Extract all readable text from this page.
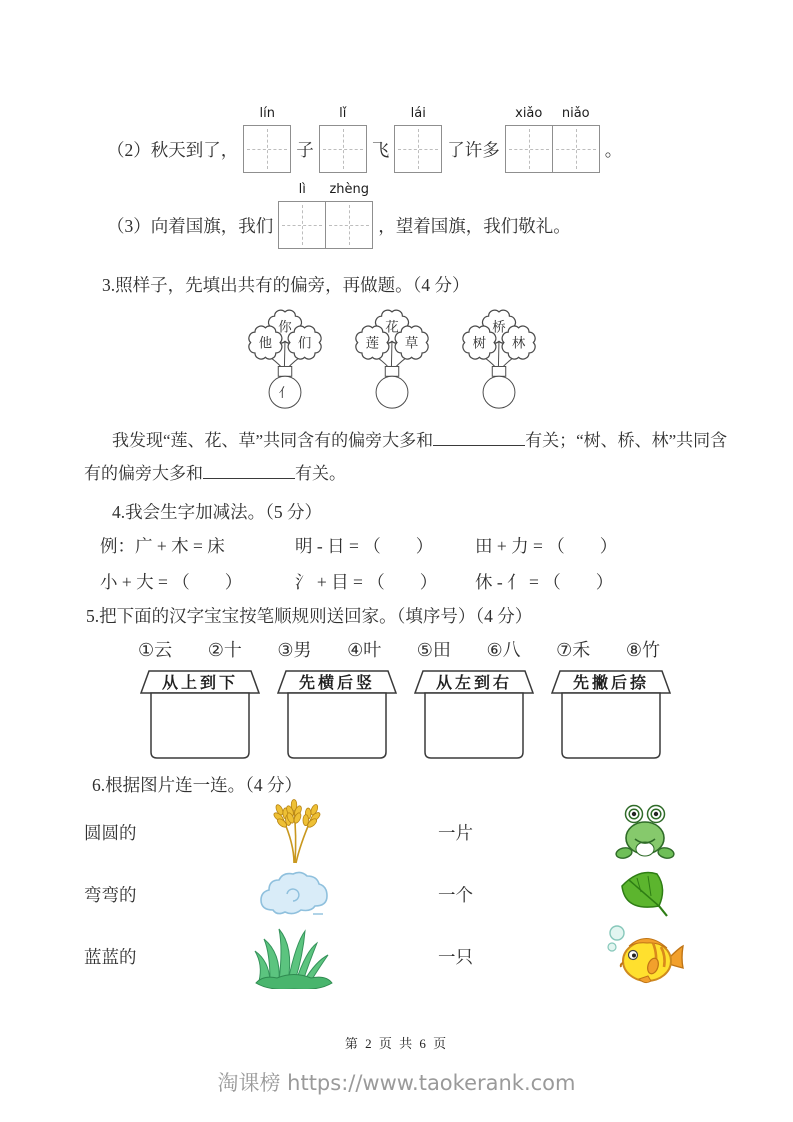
（2）秋天到了，
lín
子
lǐ
飞
lái
了许多
xiǎo	niǎo
。
（3）向着国旗，我们
lì	zhèng
，望着国旗，我们敬礼。
3.照样子，先填出共有的偏旁，再做题。（4 分）
你
他 们
亻
花
莲 草
桥
树 林
我发现“莲、花、草”共同含有的偏旁大多和	有关；“树、桥、林”共同含
有的偏旁大多和	有关。
4.我会生字加减法。（5 分）
例：广 + 木 = 床	明 - 日 = （　　）	田 + 力 = （　　）
小 + 大 = （　　）	氵 + 目 = （　　）	休 - 亻 = （　　）
5.把下面的汉字宝宝按笔顺规则送回家。（填序号）（4 分）
①云 ②十 ③男 ④叶 ⑤田 ⑥八 ⑦禾 ⑧竹
从上到下	先横后竖	从左到右	先撇后捺
6.根据图片连一连。（4 分）
圆圆的	一片
弯弯的	一个
蓝蓝的	一只
第 2 页 共 6 页
淘课榜 https://www.taokerank.com
